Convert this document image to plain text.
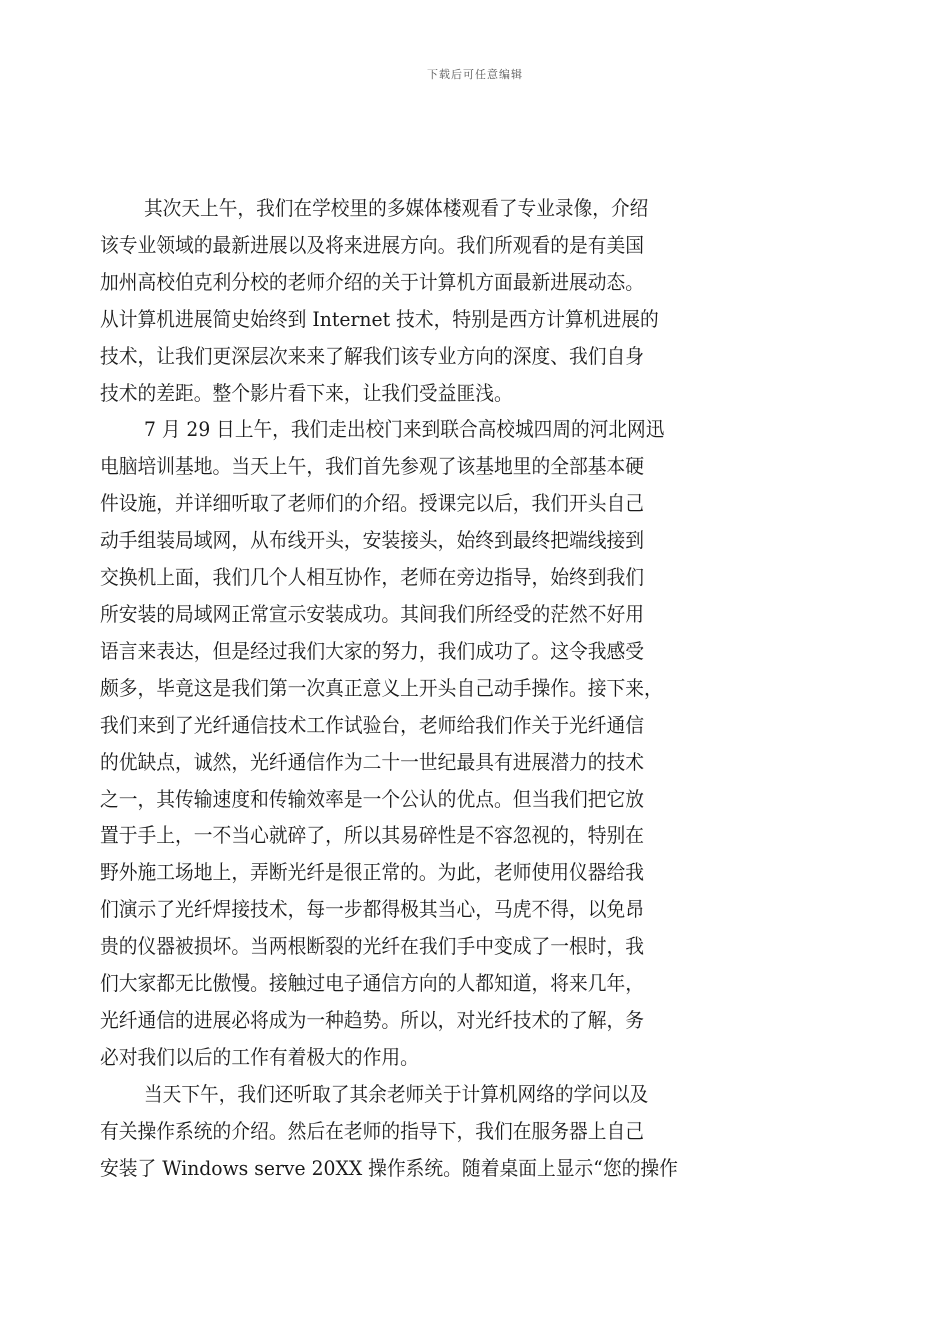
下载后可任意编辑

其次天上午，我们在学校里的多媒体楼观看了专业录像，介绍
该专业领域的最新进展以及将来进展方向。我们所观看的是有美国
加州高校伯克利分校的老师介绍的关于计算机方面最新进展动态。
从计算机进展简史始终到 Internet 技术，特别是西方计算机进展的
技术，让我们更深层次来来了解我们该专业方向的深度、我们自身
技术的差距。整个影片看下来，让我们受益匪浅。

7 月 29 日上午，我们走出校门来到联合高校城四周的河北网迅
电脑培训基地。当天上午，我们首先参观了该基地里的全部基本硬
件设施，并详细听取了老师们的介绍。授课完以后，我们开头自己
动手组装局域网，从布线开头，安装接头，始终到最终把端线接到
交换机上面，我们几个人相互协作，老师在旁边指导，始终到我们
所安装的局域网正常宣示安装成功。其间我们所经受的茫然不好用
语言来表达，但是经过我们大家的努力，我们成功了。这令我感受
颇多，毕竟这是我们第一次真正意义上开头自己动手操作。接下来，
我们来到了光纤通信技术工作试验台，老师给我们作关于光纤通信
的优缺点，诚然，光纤通信作为二十一世纪最具有进展潜力的技术
之一，其传输速度和传输效率是一个公认的优点。但当我们把它放
置于手上，一不当心就碎了，所以其易碎性是不容忽视的，特别在
野外施工场地上，弄断光纤是很正常的。为此，老师使用仪器给我
们演示了光纤焊接技术，每一步都得极其当心，马虎不得，以免昂
贵的仪器被损坏。当两根断裂的光纤在我们手中变成了一根时，我
们大家都无比傲慢。接触过电子通信方向的人都知道，将来几年，
光纤通信的进展必将成为一种趋势。所以，对光纤技术的了解，务
必对我们以后的工作有着极大的作用。

当天下午，我们还听取了其余老师关于计算机网络的学问以及
有关操作系统的介绍。然后在老师的指导下，我们在服务器上自己
安装了 Windows serve 20XX 操作系统。随着桌面上显示“您的操作
